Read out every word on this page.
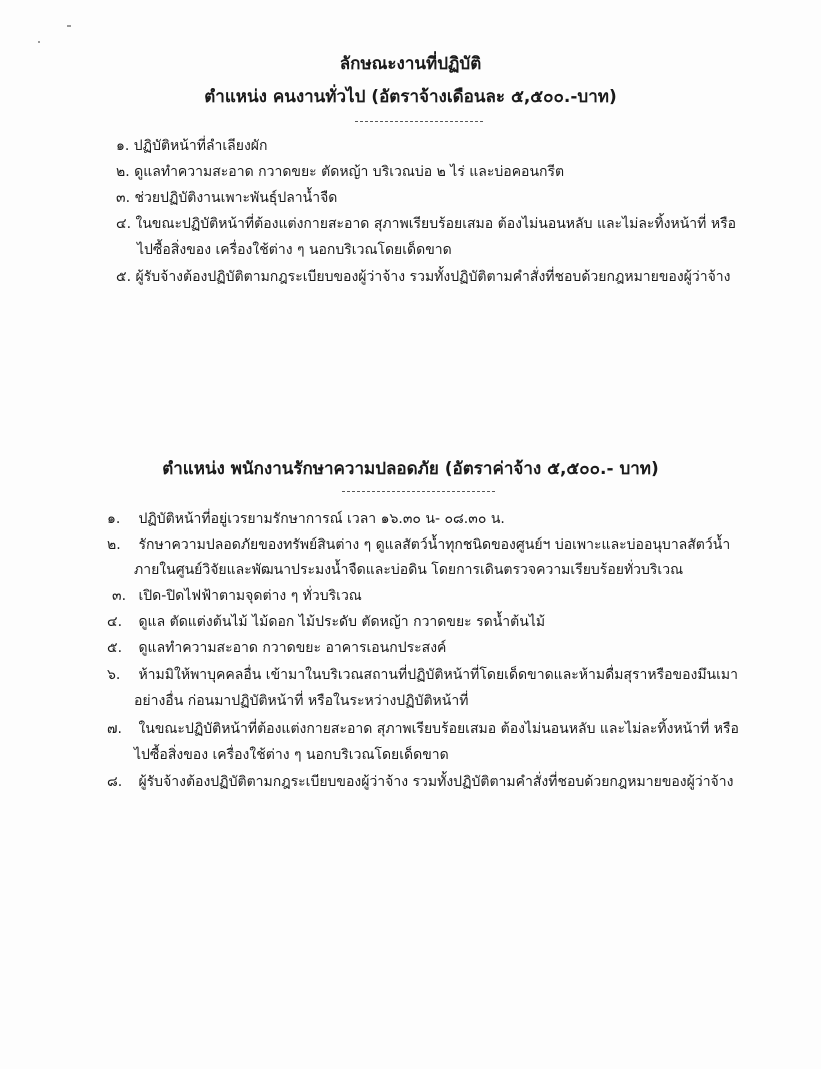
ลักษณะงานที่ปฏิบัติ
ตำแหน่ง คนงานทั่วไป (อัตราจ้างเดือนละ ๕,๕๐๐.-บาท)
๑. ปฏิบัติหน้าที่ลำเลียงผัก
๒. ดูแลทำความสะอาด กวาดขยะ ตัดหญ้า บริเวณบ่อ ๒ ไร่ และบ่อคอนกรีต
๓. ช่วยปฏิบัติงานเพาะพันธุ์ปลาน้ำจืด
๔. ในขณะปฏิบัติหน้าที่ต้องแต่งกายสะอาด สุภาพเรียบร้อยเสมอ ต้องไม่นอนหลับ และไม่ละทิ้งหน้าที่ หรือ
ไปซื้อสิ่งของ เครื่องใช้ต่าง ๆ นอกบริเวณโดยเด็ดขาด
๕. ผู้รับจ้างต้องปฏิบัติตามกฎระเบียบของผู้ว่าจ้าง รวมทั้งปฏิบัติตามคำสั่งที่ชอบด้วยกฎหมายของผู้ว่าจ้าง
ตำแหน่ง พนักงานรักษาความปลอดภัย (อัตราค่าจ้าง ๕,๕๐๐.- บาท)
๑. ปฏิบัติหน้าที่อยู่เวรยามรักษาการณ์ เวลา ๑๖.๓๐ น- ๐๘.๓๐ น.
๒. รักษาความปลอดภัยของทรัพย์สินต่าง ๆ ดูแลสัตว์น้ำทุกชนิดของศูนย์ฯ บ่อเพาะและบ่ออนุบาลสัตว์น้ำ
ภายในศูนย์วิจัยและพัฒนาประมงน้ำจืดและบ่อดิน โดยการเดินตรวจความเรียบร้อยทั่วบริเวณ
๓. เปิด-ปิดไฟฟ้าตามจุดต่าง ๆ ทั่วบริเวณ
๔. ดูแล ตัดแต่งต้นไม้ ไม้ดอก ไม้ประดับ ตัดหญ้า กวาดขยะ รดน้ำต้นไม้
๕. ดูแลทำความสะอาด กวาดขยะ อาคารเอนกประสงค์
๖. ห้ามมิให้พาบุคคลอื่น เข้ามาในบริเวณสถานที่ปฏิบัติหน้าที่โดยเด็ดขาดและห้ามดื่มสุราหรือของมึนเมา
อย่างอื่น ก่อนมาปฏิบัติหน้าที่ หรือในระหว่างปฏิบัติหน้าที่
๗. ในขณะปฏิบัติหน้าที่ต้องแต่งกายสะอาด สุภาพเรียบร้อยเสมอ ต้องไม่นอนหลับ และไม่ละทิ้งหน้าที่ หรือ
ไปซื้อสิ่งของ เครื่องใช้ต่าง ๆ นอกบริเวณโดยเด็ดขาด
๘. ผู้รับจ้างต้องปฏิบัติตามกฎระเบียบของผู้ว่าจ้าง รวมทั้งปฏิบัติตามคำสั่งที่ชอบด้วยกฎหมายของผู้ว่าจ้าง
